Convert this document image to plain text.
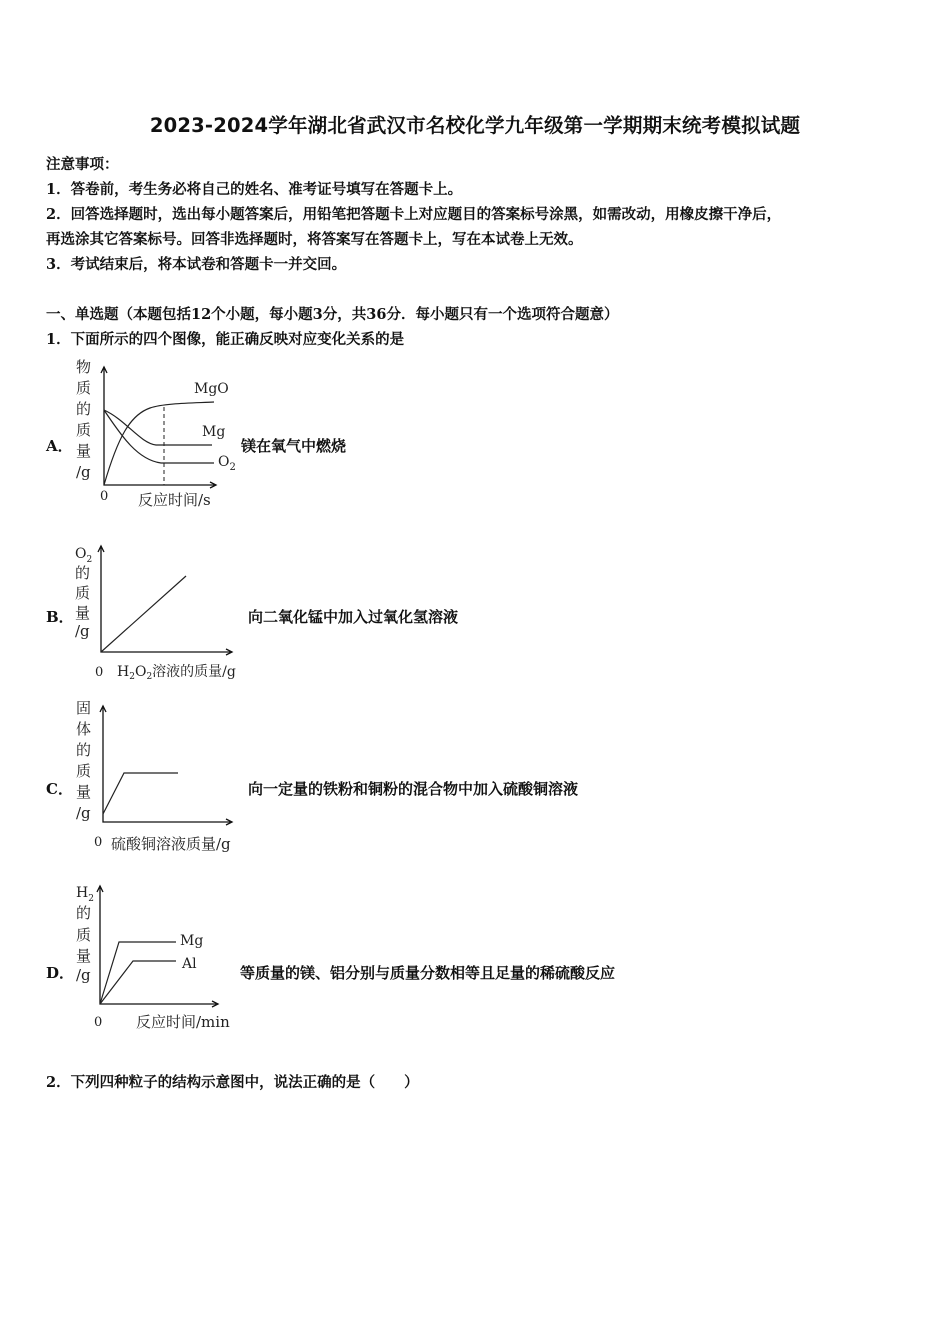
2023-2024学年湖北省武汉市名校化学九年级第一学期期末统考模拟试题
注意事项：
1．答卷前，考生务必将自己的姓名、准考证号填写在答题卡上。
2．回答选择题时，选出每小题答案后，用铅笔把答题卡上对应题目的答案标号涂黑，如需改动，用橡皮擦干净后，
再选涂其它答案标号。回答非选择题时，将答案写在答题卡上，写在本试卷上无效。
3．考试结束后，将本试卷和答题卡一并交回。
一、单选题（本题包括12个小题，每小题3分，共36分．每小题只有一个选项符合题意）
1．下面所示的四个图像，能正确反映对应变化关系的是
A．
物
质
的
质
量
/g
MgO
Mg
$O_2$
0 反应时间/s
镁在氧气中燃烧
B．
$O_2$
的
质
量
/g
0 $H_2O_2$溶液的质量/g
向二氧化锰中加入过氧化氢溶液
C．
固
体
的
质
量
/g
0 硫酸铜溶液质量/g
向一定量的铁粉和铜粉的混合物中加入硫酸铜溶液
D．
$H_2$
的
质
量
/g
Mg
Al
0 反应时间/min
等质量的镁、铝分别与质量分数相等且足量的稀硫酸反应
2．下列四种粒子的结构示意图中，说法正确的是（　　）
